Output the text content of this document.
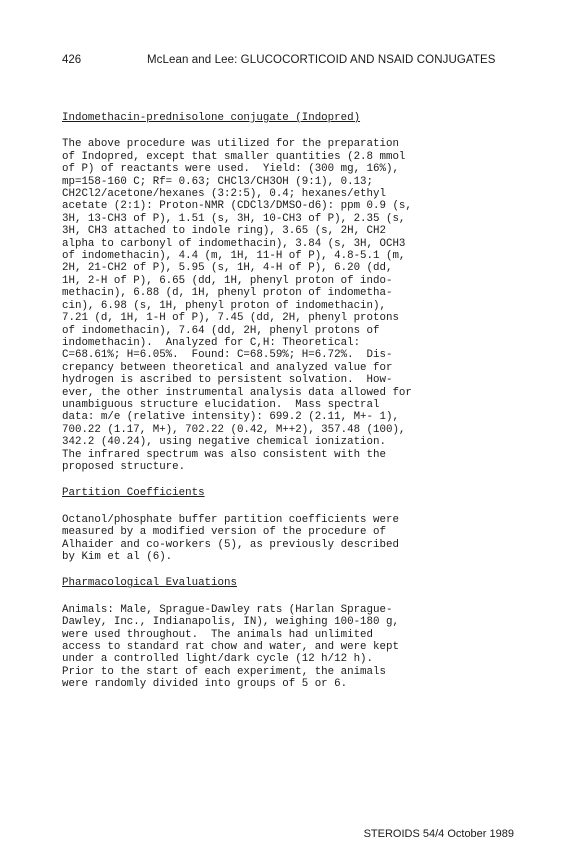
426	McLean and Lee: GLUCOCORTICOID AND NSAID CONJUGATES
Indomethacin-prednisolone conjugate (Indopred)
The above procedure was utilized for the preparation
of Indopred, except that smaller quantities (2.8 mmol
of P) of reactants were used.  Yield: (300 mg, 16%),
mp=158-160 C; Rf= 0.63; CHCl3/CH3OH (9:1), 0.13;
CH2Cl2/acetone/hexanes (3:2:5), 0.4; hexanes/ethyl
acetate (2:1): Proton-NMR (CDCl3/DMSO-d6): ppm 0.9 (s,
3H, 13-CH3 of P), 1.51 (s, 3H, 10-CH3 of P), 2.35 (s,
3H, CH3 attached to indole ring), 3.65 (s, 2H, CH2
alpha to carbonyl of indomethacin), 3.84 (s, 3H, OCH3
of indomethacin), 4.4 (m, 1H, 11-H of P), 4.8-5.1 (m,
2H, 21-CH2 of P), 5.95 (s, 1H, 4-H of P), 6.20 (dd,
1H, 2-H of P), 6.65 (dd, 1H, phenyl proton of indo-
methacin), 6.88 (d, 1H, phenyl proton of indometha-
cin), 6.98 (s, 1H, phenyl proton of indomethacin),
7.21 (d, 1H, 1-H of P), 7.45 (dd, 2H, phenyl protons
of indomethacin), 7.64 (dd, 2H, phenyl protons of
indomethacin).  Analyzed for C,H: Theoretical:
C=68.61%; H=6.05%.  Found: C=68.59%; H=6.72%.  Dis-
crepancy between theoretical and analyzed value for
hydrogen is ascribed to persistent solvation.  How-
ever, the other instrumental analysis data allowed for
unambiguous structure elucidation.  Mass spectral
data: m/e (relative intensity): 699.2 (2.11, M+- 1),
700.22 (1.17, M+), 702.22 (0.42, M++2), 357.48 (100),
342.2 (40.24), using negative chemical ionization.
The infrared spectrum was also consistent with the
proposed structure.
Partition Coefficients
Octanol/phosphate buffer partition coefficients were
measured by a modified version of the procedure of
Alhaider and co-workers (5), as previously described
by Kim et al (6).
Pharmacological Evaluations
Animals: Male, Sprague-Dawley rats (Harlan Sprague-
Dawley, Inc., Indianapolis, IN), weighing 100-180 g,
were used throughout.  The animals had unlimited
access to standard rat chow and water, and were kept
under a controlled light/dark cycle (12 h/12 h).
Prior to the start of each experiment, the animals
were randomly divided into groups of 5 or 6.
STEROIDS 54/4 October 1989
